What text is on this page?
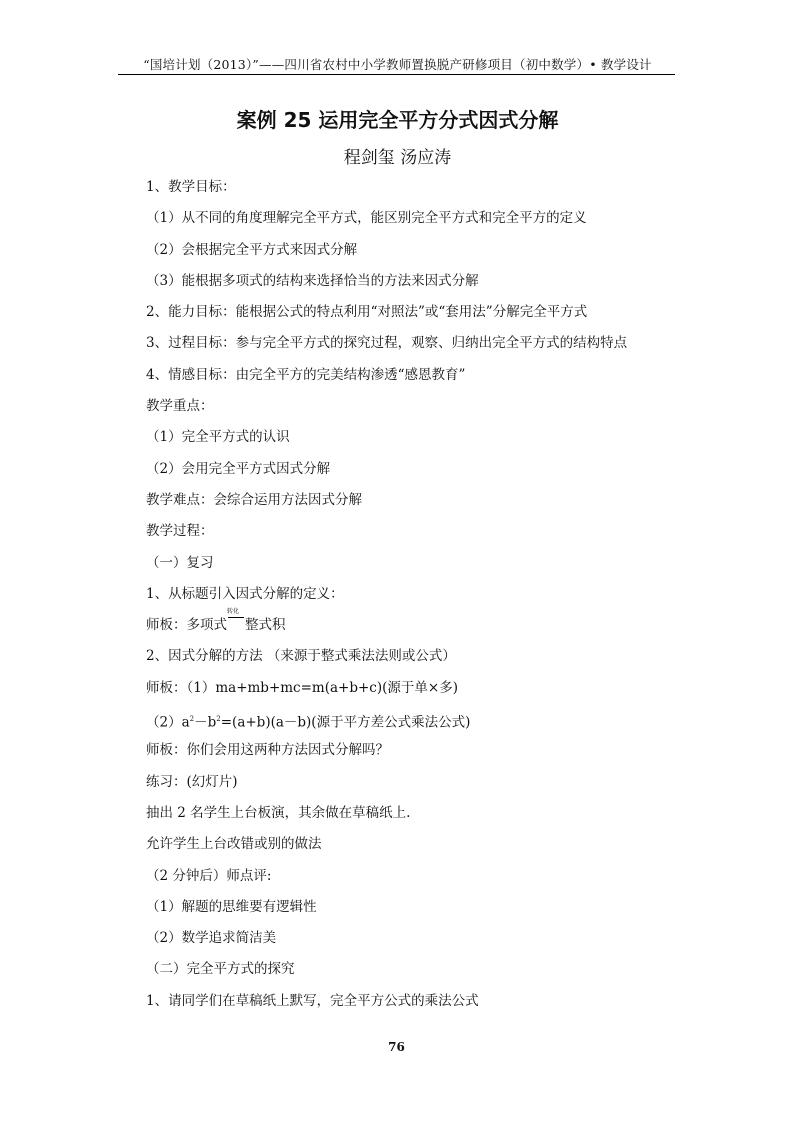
“国培计划（2013）”——四川省农村中小学教师置换脱产研修项目（初中数学）• 教学设计
案例 25 运用完全平方分式因式分解
程剑玺 汤应涛
1、教学目标：
（1）从不同的角度理解完全平方式，能区别完全平方式和完全平方的定义
（2）会根据完全平方式来因式分解
（3）能根据多项式的结构来选择恰当的方法来因式分解
2、能力目标：能根据公式的特点利用“对照法”或“套用法”分解完全平方式
3、过程目标：参与完全平方式的探究过程，观察、归纳出完全平方式的结构特点
4、情感目标：由完全平方的完美结构渗透“感恩教育”
教学重点：
（1）完全平方式的认识
（2）会用完全平方式因式分解
教学难点：会综合运用方法因式分解
教学过程：
（一）复习
1、从标题引入因式分解的定义：
师板：多项式
转化
整式积
2、因式分解的方法 （来源于整式乘法法则或公式）
师板：（1）ma+mb+mc=m(a+b+c)(源于单×多)
$(2)a^2-b^2=(a+b)(a-b)$(源于平方差公式乘法公式)
师板：你们会用这两种方法因式分解吗？
练习：(幻灯片)
抽出 2 名学生上台板演，其余做在草稿纸上.
允许学生上台改错或别的做法
（2 分钟后）师点评:
（1）解题的思维要有逻辑性
（2）数学追求简洁美
（二）完全平方式的探究
1、请同学们在草稿纸上默写，完全平方公式的乘法公式
76
